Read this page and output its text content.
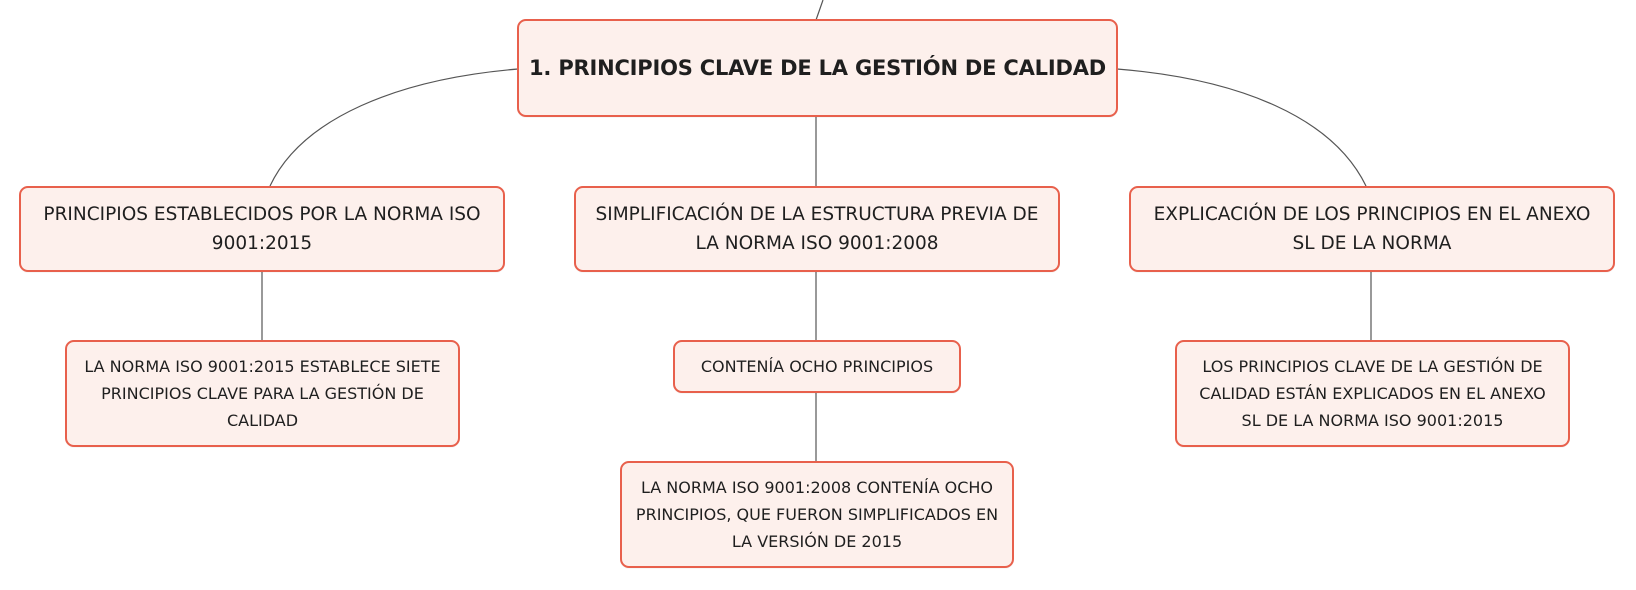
1. PRINCIPIOS CLAVE DE LA GESTIÓN DE CALIDAD
PRINCIPIOS ESTABLECIDOS POR LA NORMA ISO 9001:2015
SIMPLIFICACIÓN DE LA ESTRUCTURA PREVIA DE LA NORMA ISO 9001:2008
EXPLICACIÓN DE LOS PRINCIPIOS EN EL ANEXO SL DE LA NORMA
LA NORMA ISO 9001:2015 ESTABLECE SIETE PRINCIPIOS CLAVE PARA LA GESTIÓN DE CALIDAD
CONTENÍA OCHO PRINCIPIOS
LA NORMA ISO 9001:2008 CONTENÍA OCHO PRINCIPIOS, QUE FUERON SIMPLIFICADOS EN LA VERSIÓN DE 2015
LOS PRINCIPIOS CLAVE DE LA GESTIÓN DE CALIDAD ESTÁN EXPLICADOS EN EL ANEXO SL DE LA NORMA ISO 9001:2015
